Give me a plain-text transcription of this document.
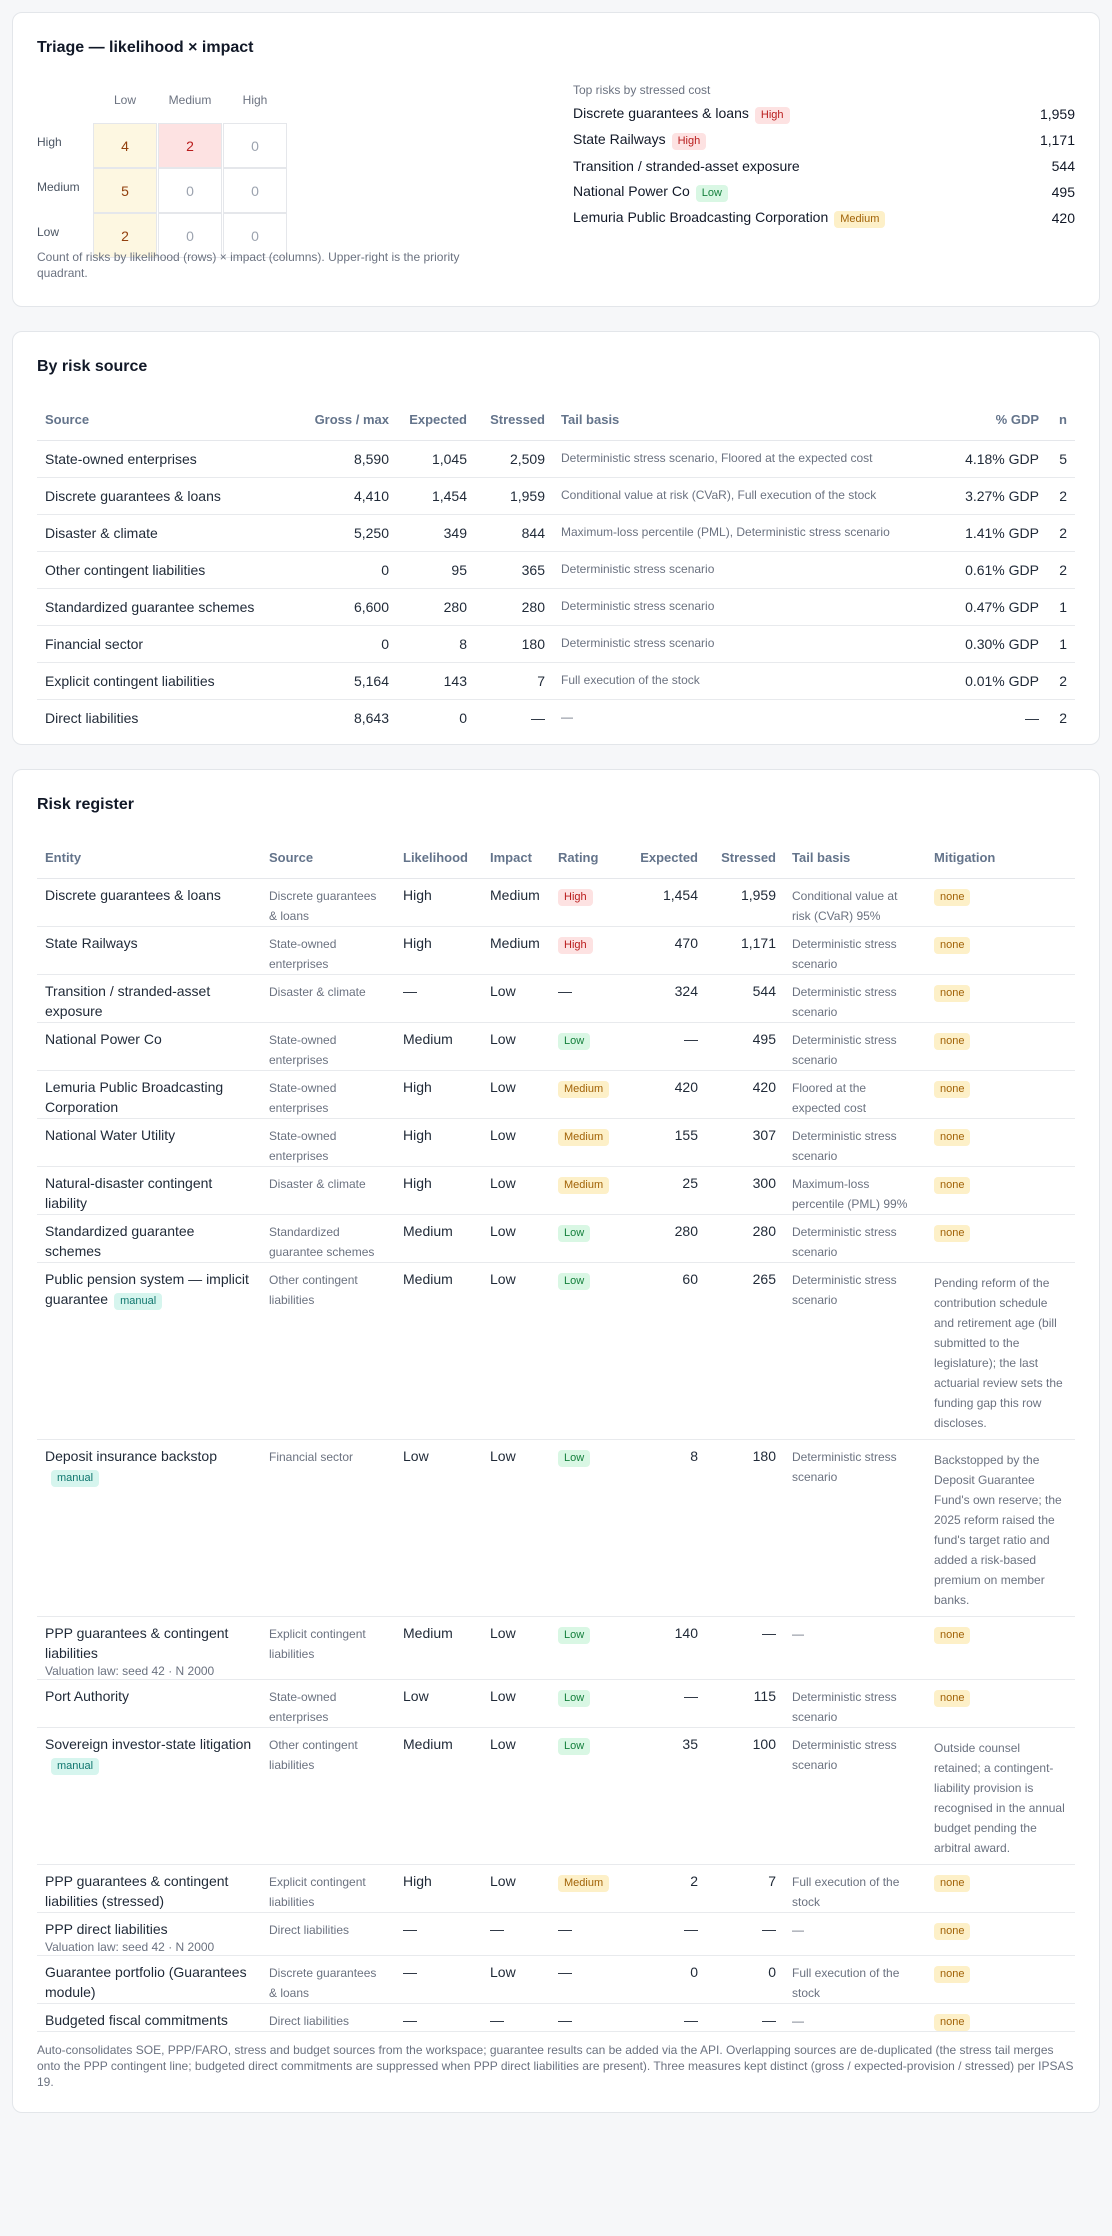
Triage — likelihood × impact
Low	Medium	High
High
Medium
Low
4	2	0
5	0	0
2	0	0
Count of risks by likelihood (rows) × impact (columns). Upper-right is the priority quadrant.
Top risks by stressed cost
Discrete guarantees & loans High	1,959
State Railways High	1,171
Transition / stranded-asset exposure	544
National Power Co Low	495
Lemuria Public Broadcasting Corporation Medium	420
By risk source
Source	Gross / max	Expected	Stressed	Tail basis	% GDP	n
State-owned enterprises	8,590	1,045	2,509	Deterministic stress scenario, Floored at the expected cost	4.18% GDP	5
Discrete guarantees & loans	4,410	1,454	1,959	Conditional value at risk (CVaR), Full execution of the stock	3.27% GDP	2
Disaster & climate	5,250	349	844	Maximum-loss percentile (PML), Deterministic stress scenario	1.41% GDP	2
Other contingent liabilities	0	95	365	Deterministic stress scenario	0.61% GDP	2
Standardized guarantee schemes	6,600	280	280	Deterministic stress scenario	0.47% GDP	1
Financial sector	0	8	180	Deterministic stress scenario	0.30% GDP	1
Explicit contingent liabilities	5,164	143	7	Full execution of the stock	0.01% GDP	2
Direct liabilities	8,643	0	—	—	—	2
Risk register
Entity	Source	Likelihood	Impact	Rating	Expected	Stressed	Tail basis	Mitigation
Discrete guarantees & loans	Discrete guarantees & loans	High	Medium	High	1,454	1,959	Conditional value at risk (CVaR) 95%	none
State Railways	State-owned enterprises	High	Medium	High	470	1,171	Deterministic stress scenario	none
Transition / stranded-asset exposure	Disaster & climate	—	Low	—	324	544	Deterministic stress scenario	none
National Power Co	State-owned enterprises	Medium	Low	Low	—	495	Deterministic stress scenario	none
Lemuria Public Broadcasting Corporation	State-owned enterprises	High	Low	Medium	420	420	Floored at the expected cost	none
National Water Utility	State-owned enterprises	High	Low	Medium	155	307	Deterministic stress scenario	none
Natural-disaster contingent liability	Disaster & climate	High	Low	Medium	25	300	Maximum-loss percentile (PML) 99%	none
Standardized guarantee schemes	Standardized guarantee schemes	Medium	Low	Low	280	280	Deterministic stress scenario	none
Public pension system — implicit guarantee manual	Other contingent liabilities	Medium	Low	Low	60	265	Deterministic stress scenario	Pending reform of the contribution schedule and retirement age (bill submitted to the legislature); the last actuarial review sets the funding gap this row discloses.

Deposit insurance backstopmanual	Financial sector	Low	Low	Low	8	180	Deterministic stress scenario	Backstopped by the Deposit Guarantee Fund's own reserve; the 2025 reform raised the fund's target ratio and added a risk-based premium on member banks.

PPP guarantees & contingent liabilities
Valuation law: seed 42 · N 2000	Explicit contingent liabilities	Medium	Low	Low	140	—	—	none
Port Authority	State-owned enterprises	Low	Low	Low	—	115	Deterministic stress scenario	none
Sovereign investor-state litigationmanual	Other contingent liabilities	Medium	Low	Low	35	100	Deterministic stress scenario	Outside counsel retained; a contingent-liability provision is recognised in the annual budget pending the arbitral award.

PPP guarantees & contingent liabilities (stressed)	Explicit contingent liabilities	High	Low	Medium	2	7	Full execution of the stock	none
PPP direct liabilities
Valuation law: seed 42 · N 2000	Direct liabilities	—	—	—	—	—	—	none
Guarantee portfolio (Guarantees module)	Discrete guarantees & loans	—	Low	—	0	0	Full execution of the stock	none
Budgeted fiscal commitments	Direct liabilities	—	—	—	—	—	—	none
Auto-consolidates SOE, PPP/FARO, stress and budget sources from the workspace; guarantee results can be added via the API. Overlapping sources are de-duplicated (the stress tail merges onto the PPP contingent line; budgeted direct commitments are suppressed when PPP direct liabilities are present). Three measures kept distinct (gross / expected-provision / stressed) per IPSAS 19.
